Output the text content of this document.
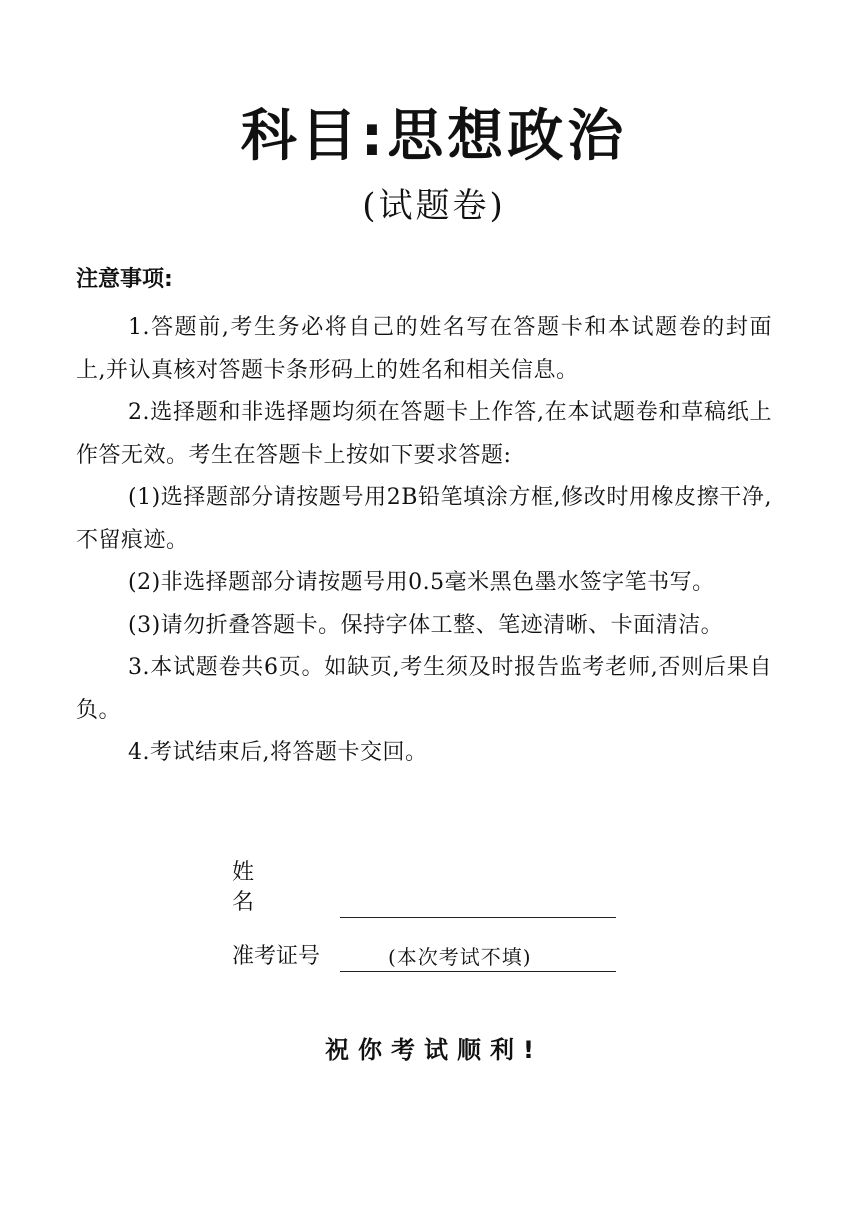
科目:思想政治
(试题卷)
注意事项:

1.答题前,考生务必将自己的姓名写在答题卡和本试题卷的封面上,并认真核对答题卡条形码上的姓名和相关信息。

2.选择题和非选择题均须在答题卡上作答,在本试题卷和草稿纸上作答无效。考生在答题卡上按如下要求答题:

(1)选择题部分请按题号用2B铅笔填涂方框,修改时用橡皮擦干净,不留痕迹。

(2)非选择题部分请按题号用0.5毫米黑色墨水签字笔书写。

(3)请勿折叠答题卡。保持字体工整、笔迹清晰、卡面清洁。

3.本试题卷共6页。如缺页,考生须及时报告监考老师,否则后果自负。

4.考试结束后,将答题卡交回。

姓名
准考证号	(本次考试不填)
祝你考试顺利!
